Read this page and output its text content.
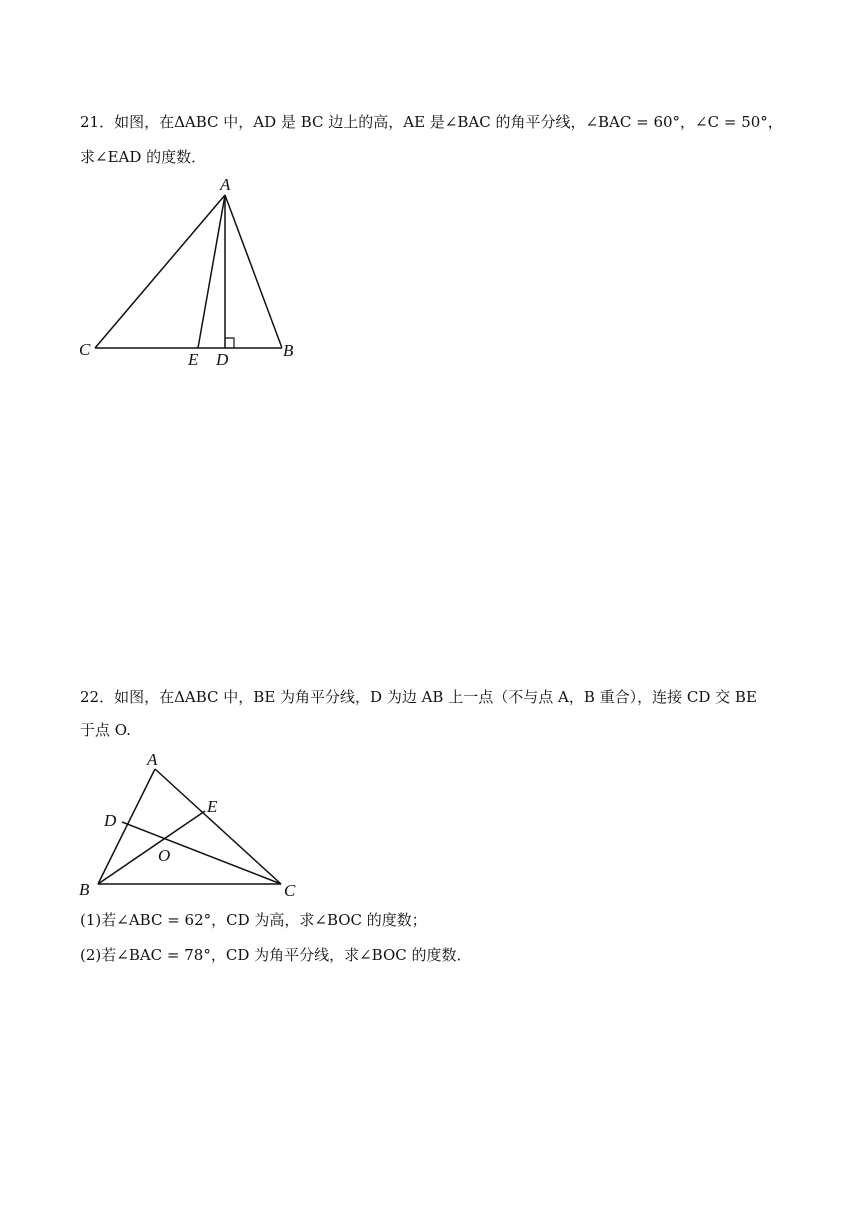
21．如图，在ΔABC 中，AD 是 BC 边上的高，AE 是∠BAC 的角平分线，∠BAC = 60°，∠C = 50°，
求∠EAD 的度数．
A
C	B
E D
22．如图，在ΔABC 中，BE 为角平分线，D 为边 AB 上一点（不与点 A，B 重合），连接 CD 交 BE
于点 O.
A
D
E
O
B	C
(1)若∠ABC = 62°，CD 为高，求∠BOC 的度数；
(2)若∠BAC = 78°，CD 为角平分线，求∠BOC 的度数．
